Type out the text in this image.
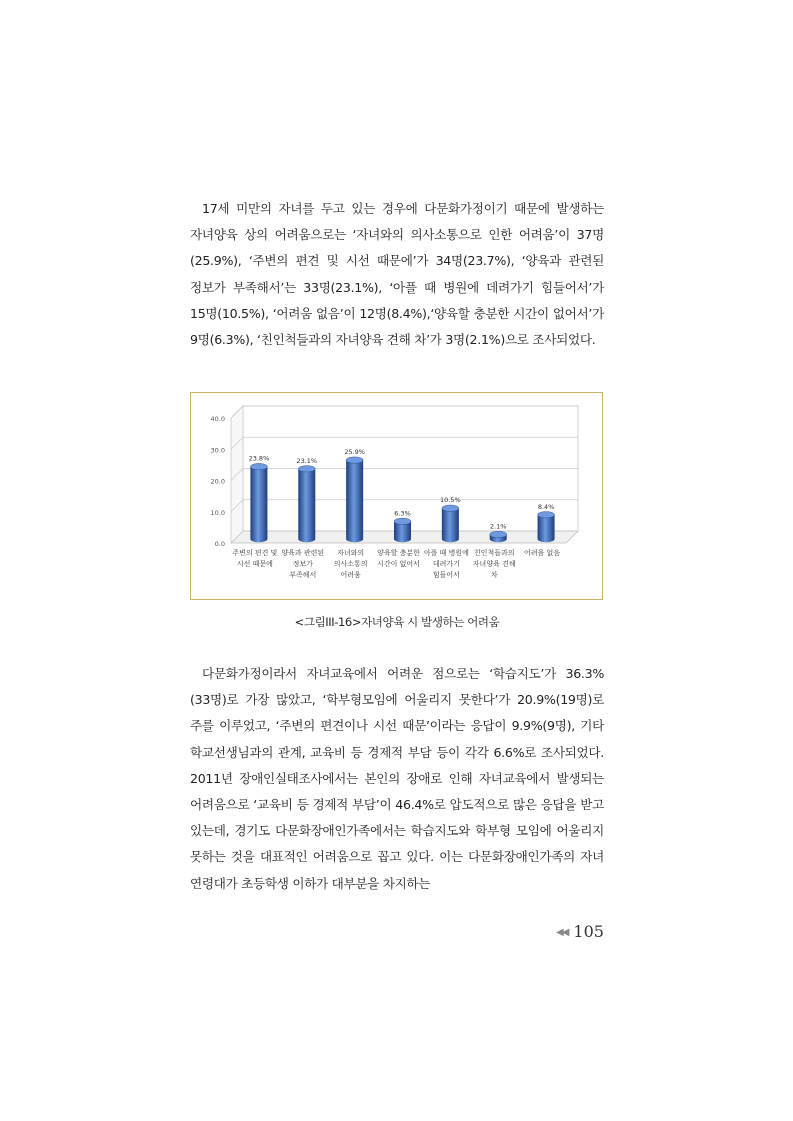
17세 미만의 자녀를 두고 있는 경우에 다문화가정이기 때문에 발생하는 자녀양육 상의 어려움으로는 ‘자녀와의 의사소통으로 인한 어려움’이 37명(25.9%), ‘주변의 편견 및 시선 때문에’가 34명(23.7%), ‘양육과 관련된 정보가 부족해서’는 33명(23.1%), ‘아플 때 병원에 데려가기 힘들어서’가 15명(10.5%), ‘어려움 없음’이 12명(8.4%),‘양육할 충분한 시간이 없어서’가 9명(6.3%), ‘친인척들과의 자녀양육 견해 차’가 3명(2.1%)으로 조사되었다.
0.0
10.0
20.0
30.0
40.0
23.8%
주변의 편견 및
시선 때문에
23.1%
양육과 관련된
정보가
부족해서
25.9%
자녀와의
의사소통의
어려움
6.3%
양육할 충분한
시간이 없어서
10.5%
아플 때 병원에
데려가기
힘들어서
2.1%
친인척들과의
자녀양육 견해
차
8.4%
어려움 없음
<그림III-16>자녀양육 시 발생하는 어려움
다문화가정이라서 자녀교육에서 어려운 점으로는 ‘학습지도’가 36.3%(33명)로 가장 많았고, ‘학부형모임에 어울리지 못한다’가 20.9%(19명)로 주를 이루었고, ‘주변의 편견이나 시선 때문’이라는 응답이 9.9%(9명), 기타 학교선생님과의 관계, 교육비 등 경제적 부담 등이 각각 6.6%로 조사되었다. 2011년 장애인실태조사에서는 본인의 장애로 인해 자녀교육에서 발생되는 어려움으로 ‘교육비 등 경제적 부담’이 46.4%로 압도적으로 많은 응답을 받고 있는데, 경기도 다문화장애인가족에서는 학습지도와 학부형 모임에 어울리지 못하는 것을 대표적인 어려움으로 꼽고 있다. 이는 다문화장애인가족의 자녀 연령대가 초등학생 이하가 대부분을 차지하는
◀◀ 105
